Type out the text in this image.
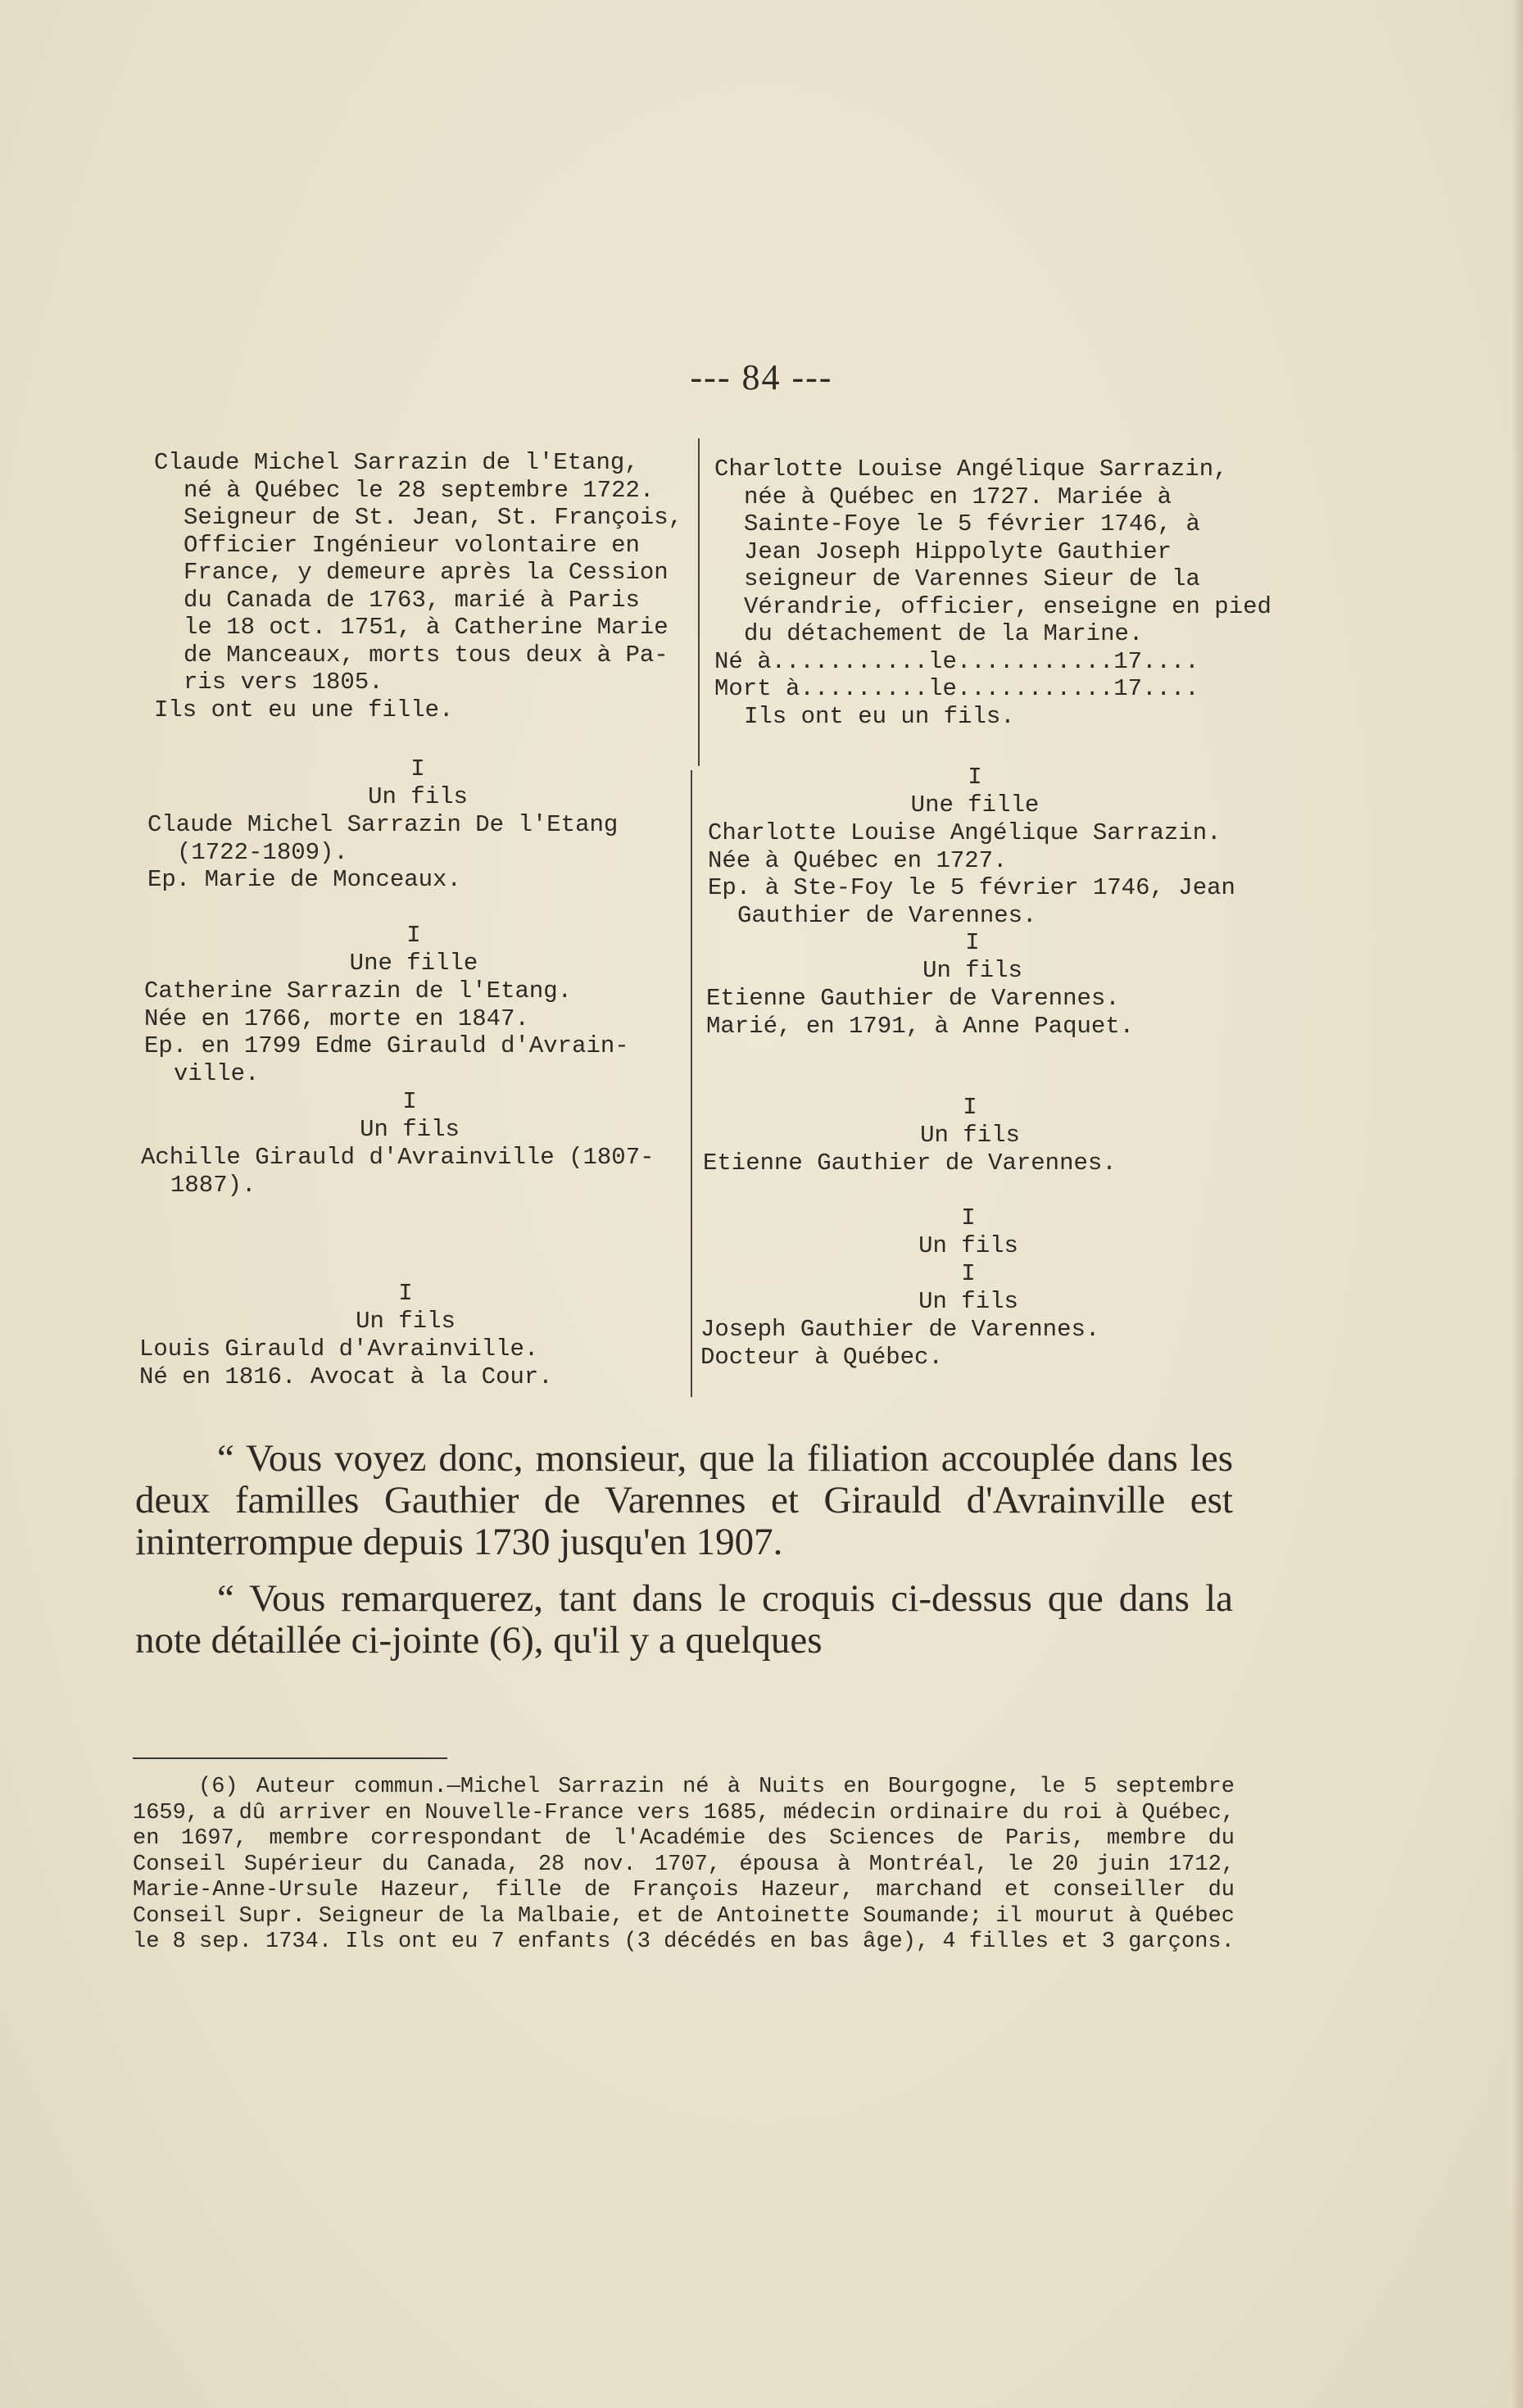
--- 84 ---

Claude Michel Sarrazin de l'Etang,

né à Québec le 28 septembre 1722.

Seigneur de St. Jean, St. François,

Officier Ingénieur volontaire en

France, y demeure après la Cession

du Canada de 1763, marié à Paris

le 18 oct. 1751, à Catherine Marie

de Manceaux, morts tous deux à Pa-

ris vers 1805.

Ils ont eu une fille.

Charlotte Louise Angélique Sarrazin,

née à Québec en 1727. Mariée à

Sainte-Foye le 5 février 1746, à

Jean Joseph Hippolyte Gauthier

seigneur de Varennes Sieur de la

Vérandrie, officier, enseigne en pied

du détachement de la Marine.

Né à...........le...........17....

Mort à.........le...........17....

Ils ont eu un fils.

I
Un fils

Claude Michel Sarrazin De l'Etang

(1722-1809).

Ep. Marie de Monceaux.

I
Une fille

Catherine Sarrazin de l'Etang.

Née en 1766, morte en 1847.

Ep. en 1799 Edme Girauld d'Avrain-

ville.

I
Un fils

Achille Girauld d'Avrainville (1807-

1887).

I
Un fils

Louis Girauld d'Avrainville.

Né en 1816. Avocat à la Cour.

I
Une fille

Charlotte Louise Angélique Sarrazin.

Née à Québec en 1727.

Ep. à Ste-Foy le 5 février 1746, Jean

Gauthier de Varennes.

I
Un fils

Etienne Gauthier de Varennes.

Marié, en 1791, à Anne Paquet.

I
Un fils

Etienne Gauthier de Varennes.

I
Un fils
I
Un fils

Joseph Gauthier de Varennes.

Docteur à Québec.

“ Vous voyez donc, monsieur, que la filiation accouplée dans les deux familles Gauthier de Varennes et Girauld d'Avrainville est ininterrompue depuis 1730 jusqu'en 1907.

“ Vous remarquerez, tant dans le croquis ci-dessus que dans la note détaillée ci-jointe (6), qu'il y a quelques

(6) Auteur commun.—Michel Sarrazin né à Nuits en Bourgogne, le 5 septembre 1659, a dû arriver en Nouvelle-France vers 1685, médecin ordinaire du roi à Québec, en 1697, membre correspondant de l'Académie des Sciences de Paris, membre du Conseil Supérieur du Canada, 28 nov. 1707, épousa à Montréal, le 20 juin 1712, Marie-Anne-Ursule Hazeur, fille de François Hazeur, marchand et conseiller du Conseil Supr. Seigneur de la Malbaie, et de Antoinette Soumande; il mourut à Québec le 8 sep. 1734. Ils ont eu 7 enfants (3 décédés en bas âge), 4 filles et 3 garçons.
